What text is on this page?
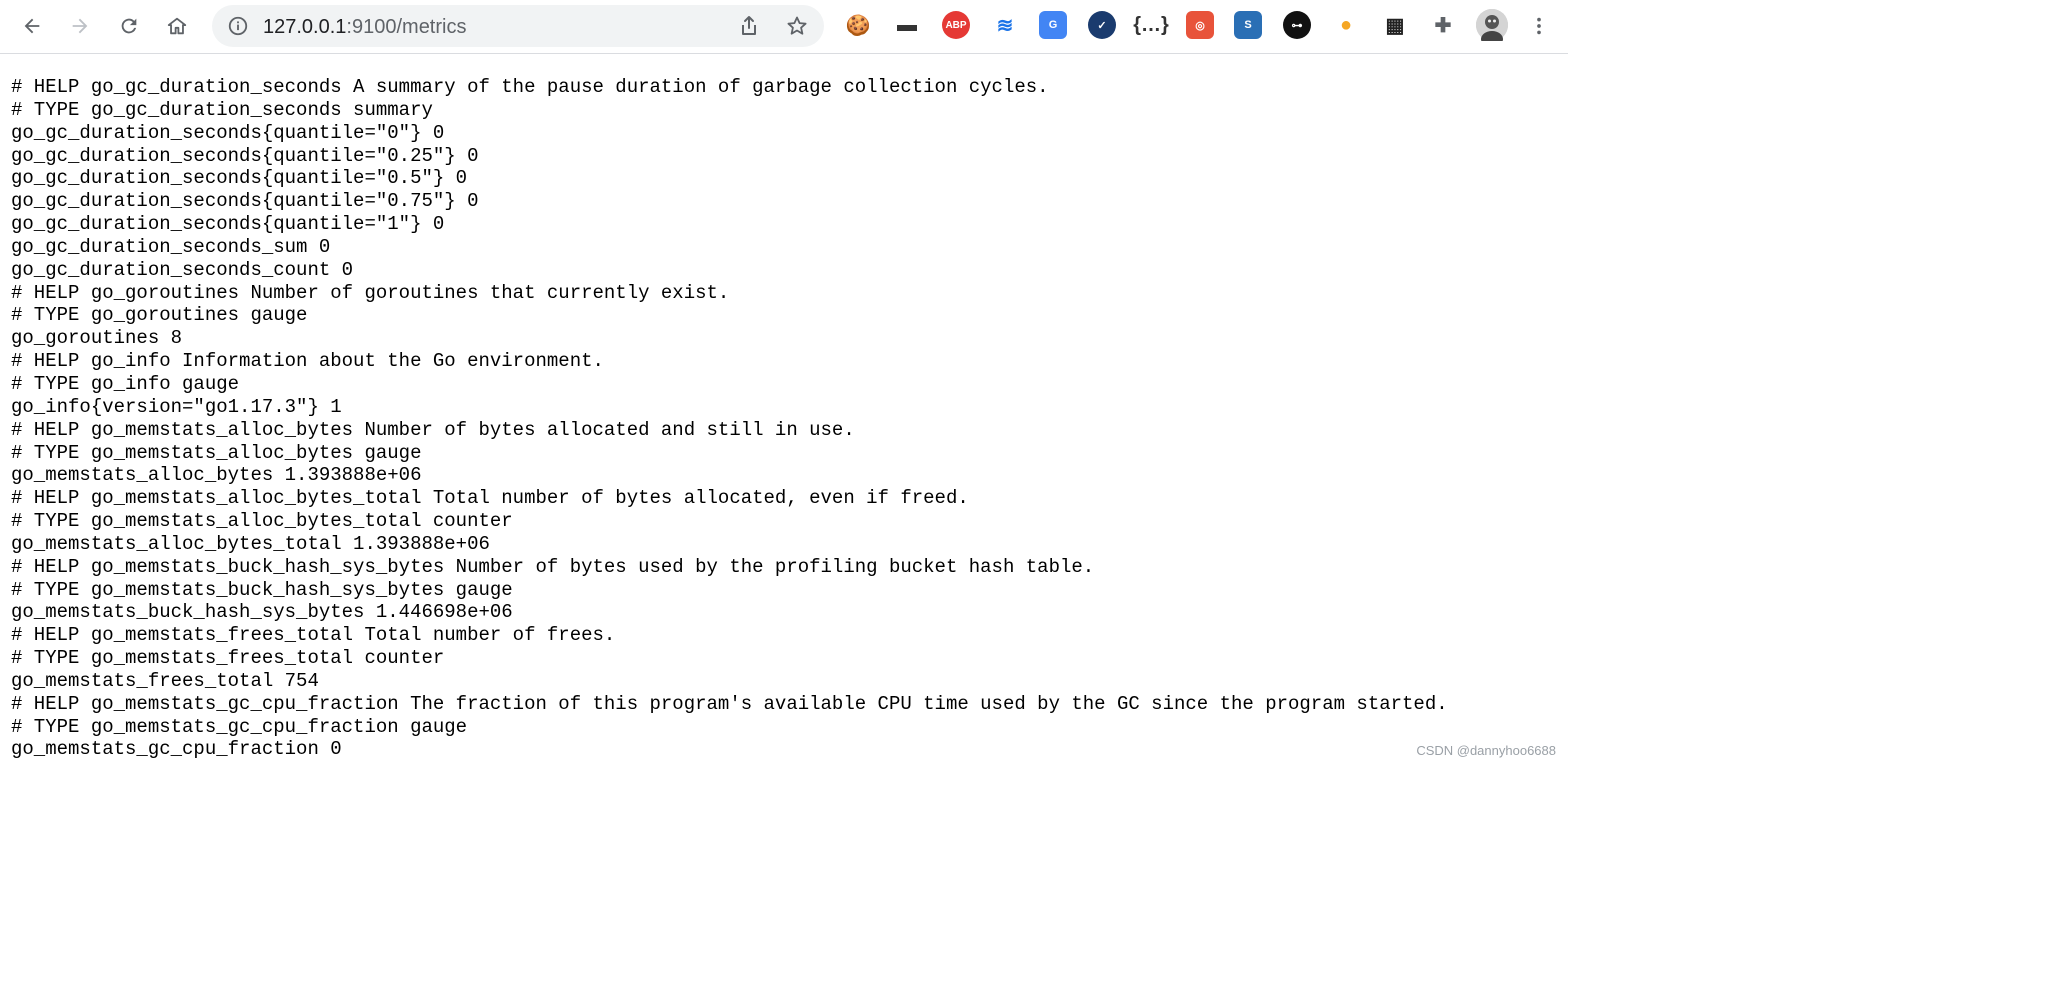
127.0.0.1:9100/metrics	🍪 ▬	ABP ≋	G	✓	{…}	◎	S	⊶	●	▦ ✚
# HELP go_gc_duration_seconds A summary of the pause duration of garbage collection cycles.
# TYPE go_gc_duration_seconds summary
go_gc_duration_seconds{quantile="0"} 0
go_gc_duration_seconds{quantile="0.25"} 0
go_gc_duration_seconds{quantile="0.5"} 0
go_gc_duration_seconds{quantile="0.75"} 0
go_gc_duration_seconds{quantile="1"} 0
go_gc_duration_seconds_sum 0
go_gc_duration_seconds_count 0
# HELP go_goroutines Number of goroutines that currently exist.
# TYPE go_goroutines gauge
go_goroutines 8
# HELP go_info Information about the Go environment.
# TYPE go_info gauge
go_info{version="go1.17.3"} 1
# HELP go_memstats_alloc_bytes Number of bytes allocated and still in use.
# TYPE go_memstats_alloc_bytes gauge
go_memstats_alloc_bytes 1.393888e+06
# HELP go_memstats_alloc_bytes_total Total number of bytes allocated, even if freed.
# TYPE go_memstats_alloc_bytes_total counter
go_memstats_alloc_bytes_total 1.393888e+06
# HELP go_memstats_buck_hash_sys_bytes Number of bytes used by the profiling bucket hash table.
# TYPE go_memstats_buck_hash_sys_bytes gauge
go_memstats_buck_hash_sys_bytes 1.446698e+06
# HELP go_memstats_frees_total Total number of frees.
# TYPE go_memstats_frees_total counter
go_memstats_frees_total 754
# HELP go_memstats_gc_cpu_fraction The fraction of this program's available CPU time used by the GC since the program started.
# TYPE go_memstats_gc_cpu_fraction gauge
go_memstats_gc_cpu_fraction 0	CSDN @dannyhoo6688
